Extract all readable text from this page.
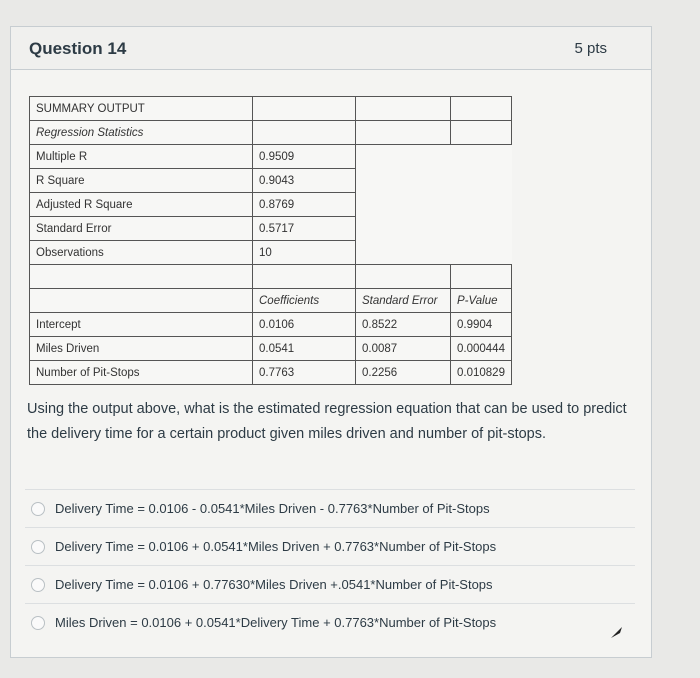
Question 14	5 pts
SUMMARY OUTPUT			
Regression Statistics			
Multiple R	0.9509		
R Square	0.9043		
Adjusted R Square	0.8769		
Standard Error	0.5717		
Observations	10		

	Coefficients	Standard Error	P-Value
Intercept	0.0106	0.8522	0.9904
Miles Driven	0.0541	0.0087	0.000444
Number of Pit-Stops	0.7763	0.2256	0.010829
Using the output above, what is the estimated regression equation that can be used to predict the delivery time for a certain product given miles driven and number of pit-stops.
Delivery Time = 0.0106 - 0.0541*Miles Driven - 0.7763*Number of Pit-Stops
Delivery Time = 0.0106 + 0.0541*Miles Driven + 0.7763*Number of Pit-Stops
Delivery Time = 0.0106 + 0.77630*Miles Driven +.0541*Number of Pit-Stops
Miles Driven = 0.0106 + 0.0541*Delivery Time + 0.7763*Number of Pit-Stops
